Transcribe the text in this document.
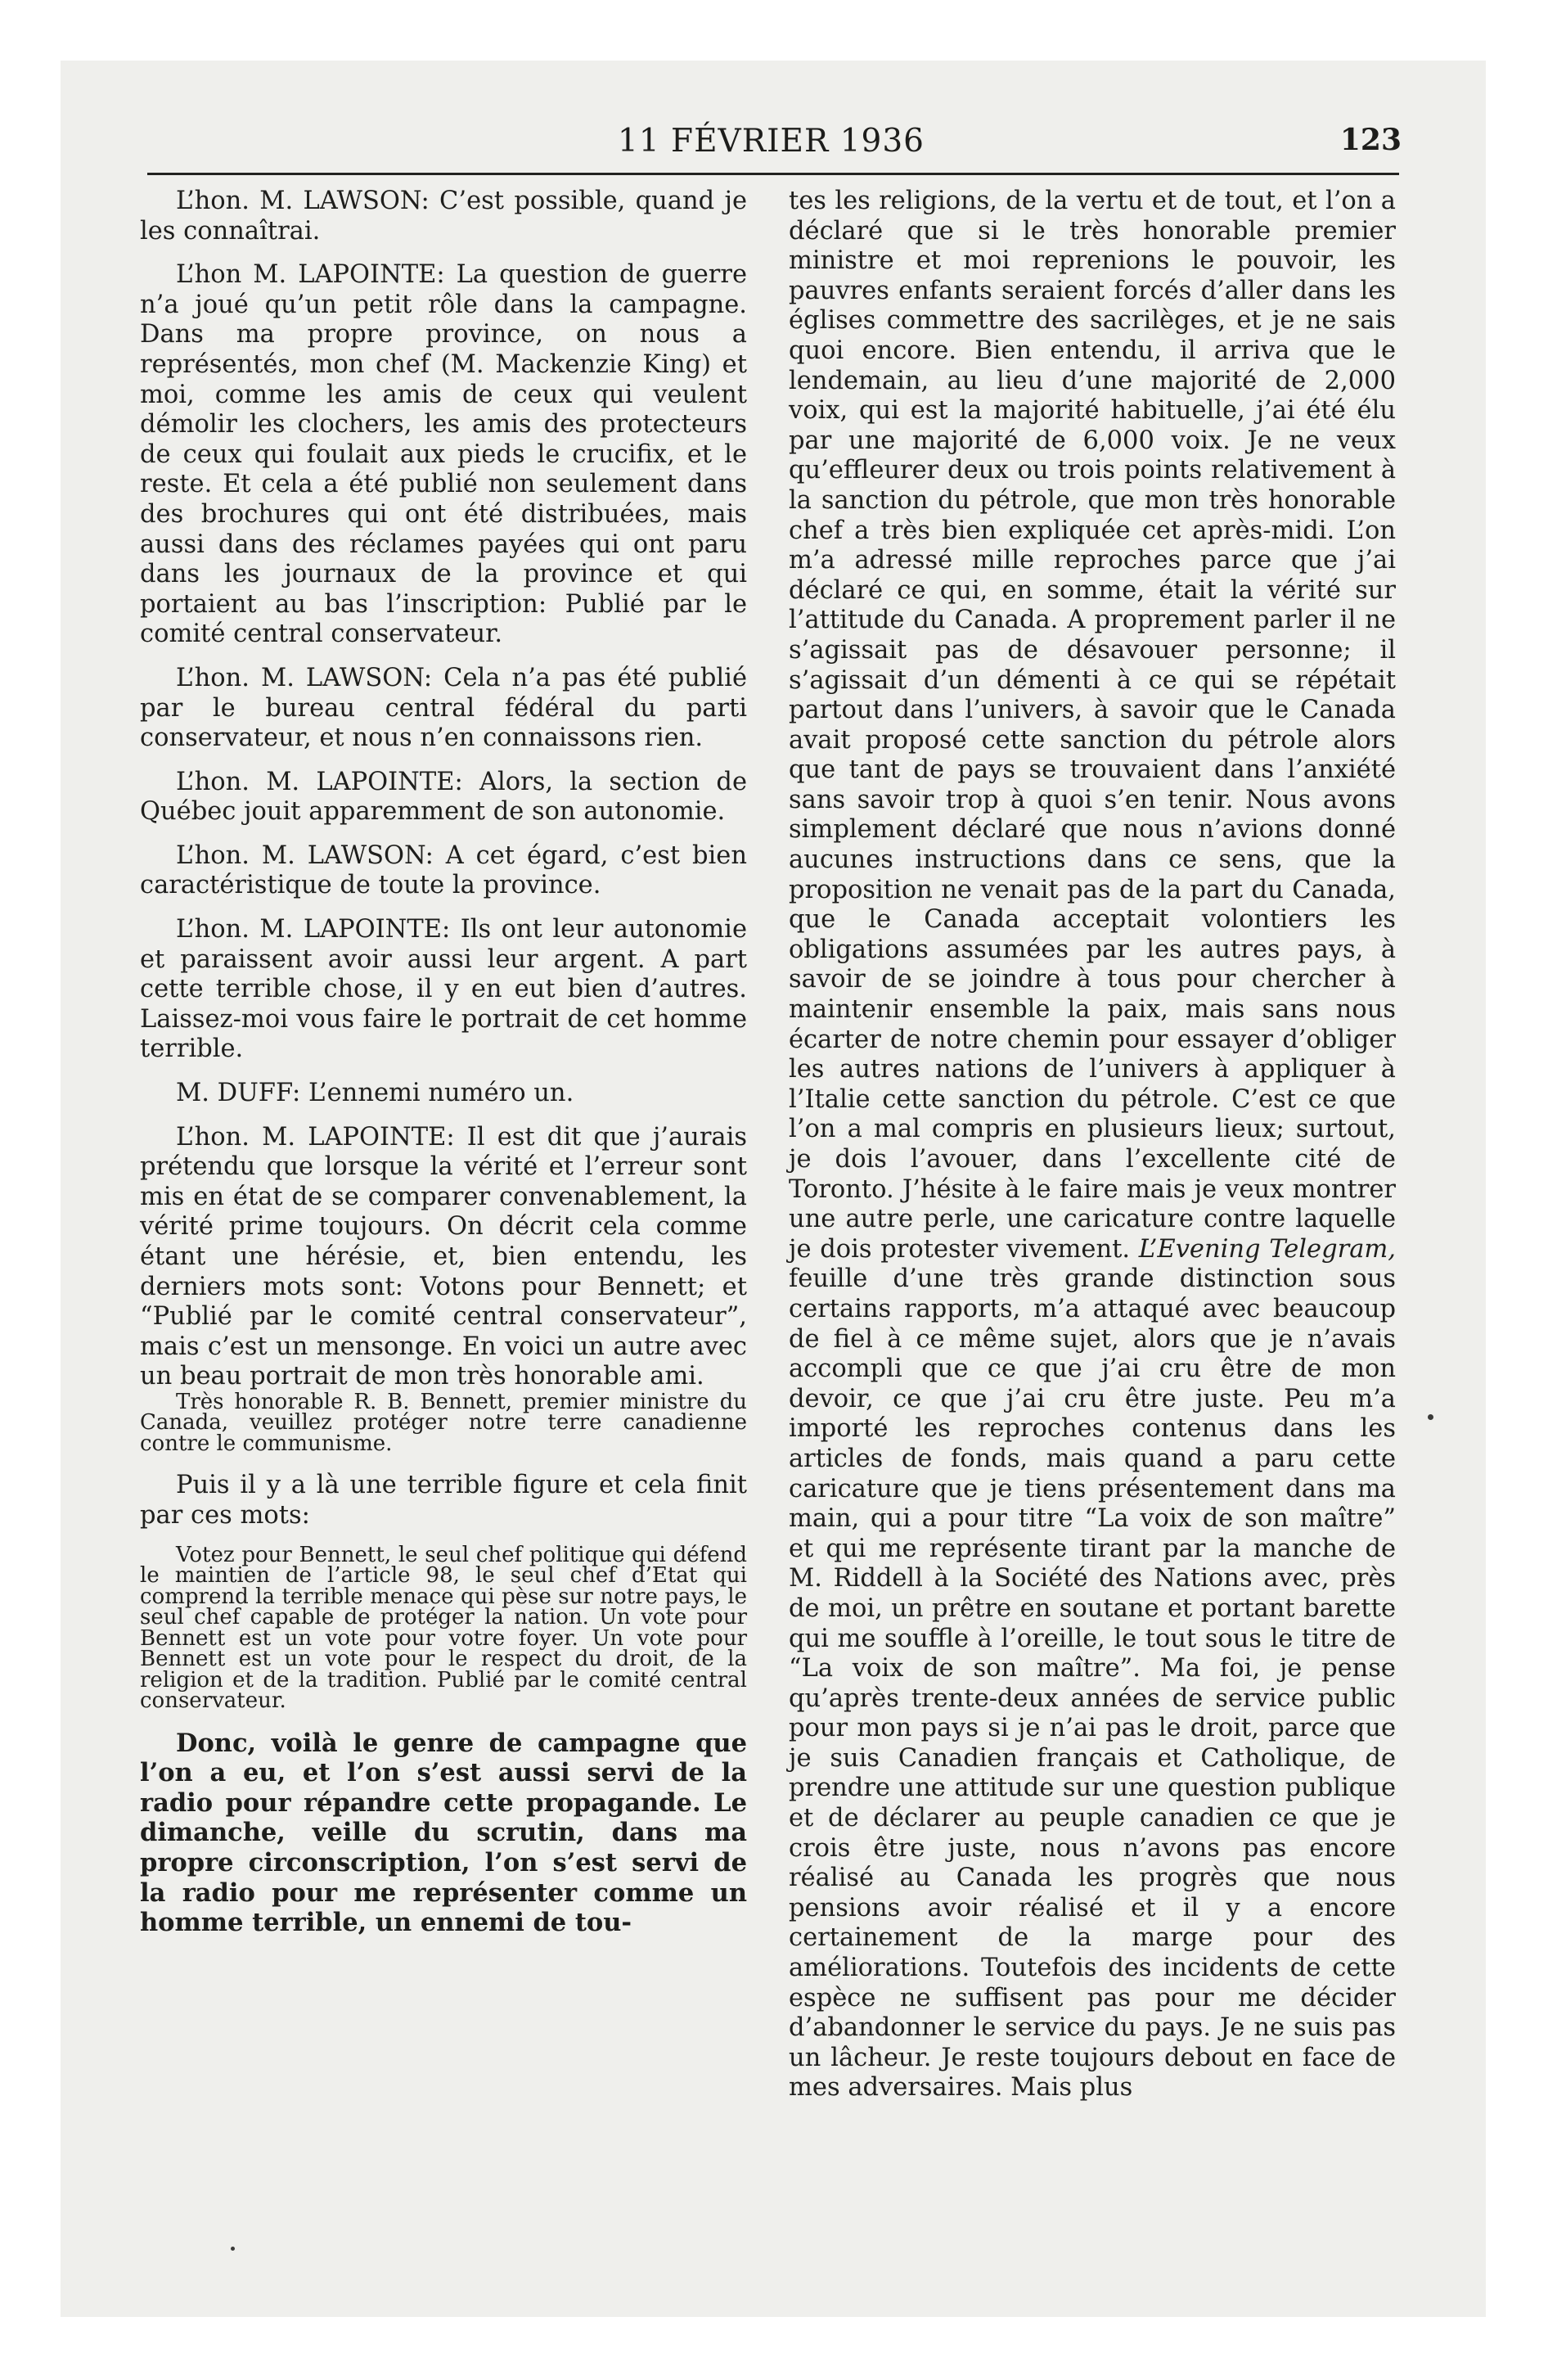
11 FÉVRIER 1936	123

L’hon. M. LAWSON: C’est possible, quand je les connaîtrai.

L’hon M. LAPOINTE: La question de guerre n’a joué qu’un petit rôle dans la campagne. Dans ma propre province, on nous a représentés, mon chef (M. Mackenzie King) et moi, comme les amis de ceux qui veulent démolir les clochers, les amis des protecteurs de ceux qui foulait aux pieds le crucifix, et le reste. Et cela a été publié non seulement dans des brochures qui ont été distribuées, mais aussi dans des réclames payées qui ont paru dans les journaux de la province et qui portaient au bas l’inscription: Publié par le comité central conservateur.

L’hon. M. LAWSON: Cela n’a pas été publié par le bureau central fédéral du parti conservateur, et nous n’en connaissons rien.

L’hon. M. LAPOINTE: Alors, la section de Québec jouit apparemment de son autonomie.

L’hon. M. LAWSON: A cet égard, c’est bien caractéristique de toute la province.

L’hon. M. LAPOINTE: Ils ont leur autonomie et paraissent avoir aussi leur argent. A part cette terrible chose, il y en eut bien d’autres. Laissez-moi vous faire le portrait de cet homme terrible.

M. DUFF: L’ennemi numéro un.

L’hon. M. LAPOINTE: Il est dit que j’aurais prétendu que lorsque la vérité et l’erreur sont mis en état de se comparer convenablement, la vérité prime toujours. On décrit cela comme étant une hérésie, et, bien entendu, les derniers mots sont: Votons pour Bennett; et “Publié par le comité central conservateur”, mais c’est un mensonge. En voici un autre avec un beau portrait de mon très honorable ami.

Très honorable R. B. Bennett, premier ministre du Canada, veuillez protéger notre terre canadienne contre le communisme.

Puis il y a là une terrible figure et cela finit par ces mots:

Votez pour Bennett, le seul chef politique qui défend le maintien de l’article 98, le seul chef d’Etat qui comprend la terrible menace qui pèse sur notre pays, le seul chef capable de protéger la nation. Un vote pour Bennett est un vote pour votre foyer. Un vote pour Bennett est un vote pour le respect du droit, de la religion et de la tradition. Publié par le comité central conservateur.

Donc, voilà le genre de campagne que l’on a eu, et l’on s’est aussi servi de la radio pour répandre cette propagande. Le dimanche, veille du scrutin, dans ma propre circonscription, l’on s’est servi de la radio pour me représenter comme un homme terrible, un ennemi de tou-

tes les religions, de la vertu et de tout, et l’on a déclaré que si le très honorable premier ministre et moi reprenions le pouvoir, les pauvres enfants seraient forcés d’aller dans les églises commettre des sacrilèges, et je ne sais quoi encore. Bien entendu, il arriva que le lendemain, au lieu d’une majorité de 2,000 voix, qui est la majorité habituelle, j’ai été élu par une majorité de 6,000 voix. Je ne veux qu’effleurer deux ou trois points relativement à la sanction du pétrole, que mon très honorable chef a très bien expliquée cet après-midi. L’on m’a adressé mille reproches parce que j’ai déclaré ce qui, en somme, était la vérité sur l’attitude du Canada. A proprement parler il ne s’agissait pas de désavouer personne; il s’agissait d’un démenti à ce qui se répétait partout dans l’univers, à savoir que le Canada avait proposé cette sanction du pétrole alors que tant de pays se trouvaient dans l’anxiété sans savoir trop à quoi s’en tenir. Nous avons simplement déclaré que nous n’avions donné aucunes instructions dans ce sens, que la proposition ne venait pas de la part du Canada, que le Canada acceptait volontiers les obligations assumées par les autres pays, à savoir de se joindre à tous pour chercher à maintenir ensemble la paix, mais sans nous écarter de notre chemin pour essayer d’obliger les autres nations de l’univers à appliquer à l’Italie cette sanction du pétrole. C’est ce que l’on a mal compris en plusieurs lieux; surtout, je dois l’avouer, dans l’excellente cité de Toronto. J’hésite à le faire mais je veux montrer une autre perle, une caricature contre laquelle je dois protester vivement. L’Evening Telegram, feuille d’une très grande distinction sous certains rapports, m’a attaqué avec beaucoup de fiel à ce même sujet, alors que je n’avais accompli que ce que j’ai cru être de mon devoir, ce que j’ai cru être juste. Peu m’a importé les reproches contenus dans les articles de fonds, mais quand a paru cette caricature que je tiens présentement dans ma main, qui a pour titre “La voix de son maître” et qui me représente tirant par la manche de M. Riddell à la Société des Nations avec, près de moi, un prêtre en soutane et portant barette qui me souffle à l’oreille, le tout sous le titre de “La voix de son maître”. Ma foi, je pense qu’après trente-deux années de service public pour mon pays si je n’ai pas le droit, parce que je suis Canadien français et Catholique, de prendre une attitude sur une question publique et de déclarer au peuple canadien ce que je crois être juste, nous n’avons pas encore réalisé au Canada les progrès que nous pensions avoir réalisé et il y a encore certainement de la marge pour des améliorations. Toutefois des incidents de cette espèce ne suffisent pas pour me décider d’abandonner le service du pays. Je ne suis pas un lâcheur. Je reste toujours debout en face de mes adversaires. Mais plus
